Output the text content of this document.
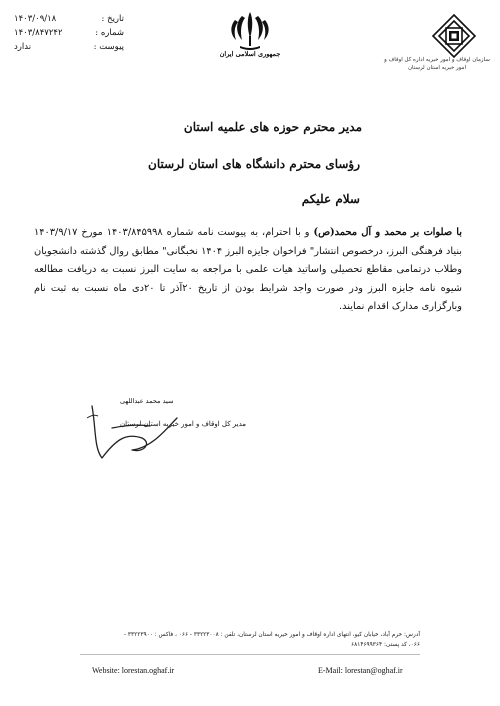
تاریخ :
۱۴۰۳/۰۹/۱۸
شماره :
۱۴۰۳/۸۴۷۲۴۲
پیوست :
ندارد
جمهوری اسلامی ایران
سازمان اوقاف و امور خیریه اداره کل اوقاف و امور خیریه استان لرستان
مدیر محترم حوزه های علمیه استان
رؤسای محترم دانشگاه های استان لرستان
سلام علیکم
با صلوات بر محمد و آل محمد(ص) و با احترام، به پیوست نامه شماره ۱۴۰۳/۸۴۵۹۹۸ مورخ ۱۴۰۳/۹/۱۷ بنیاد فرهنگی البرز، درخصوص انتشار" فراخوان جایزه البرز ۱۴۰۴ نخبگانی" مطابق روال گذشته دانشجویان وطلاب درتمامی مقاطع تحصیلی واساتید هیات علمی با مراجعه به سایت البرز نسبت به دریافت مطالعه شیوه نامه جایزه البرز ودر صورت واجد شرایط بودن از تاریخ ۲۰آذر تا ۲۰دی ماه نسبت به ثبت نام وبارگزاری مدارک اقدام نمایند.
سید محمد عبداللهی
مدیر کل اوقاف و امور خیریه استان لرستان
آدرس: خرم آباد، خیابان کیو، انتهای اداره اوقاف و امور خیریه استان لرستان، تلفن : ۳۳۲۲۳۰۰۸ - ۰۶۶ ، فاکس : ۳۳۲۲۳۹۰۰ - ۰۶۶، کد پستی: ۶۸۱۴۶۹۹۳۶۴
Website: lorestan.oghaf.ir	E-Mail: lorestan@oghaf.ir
